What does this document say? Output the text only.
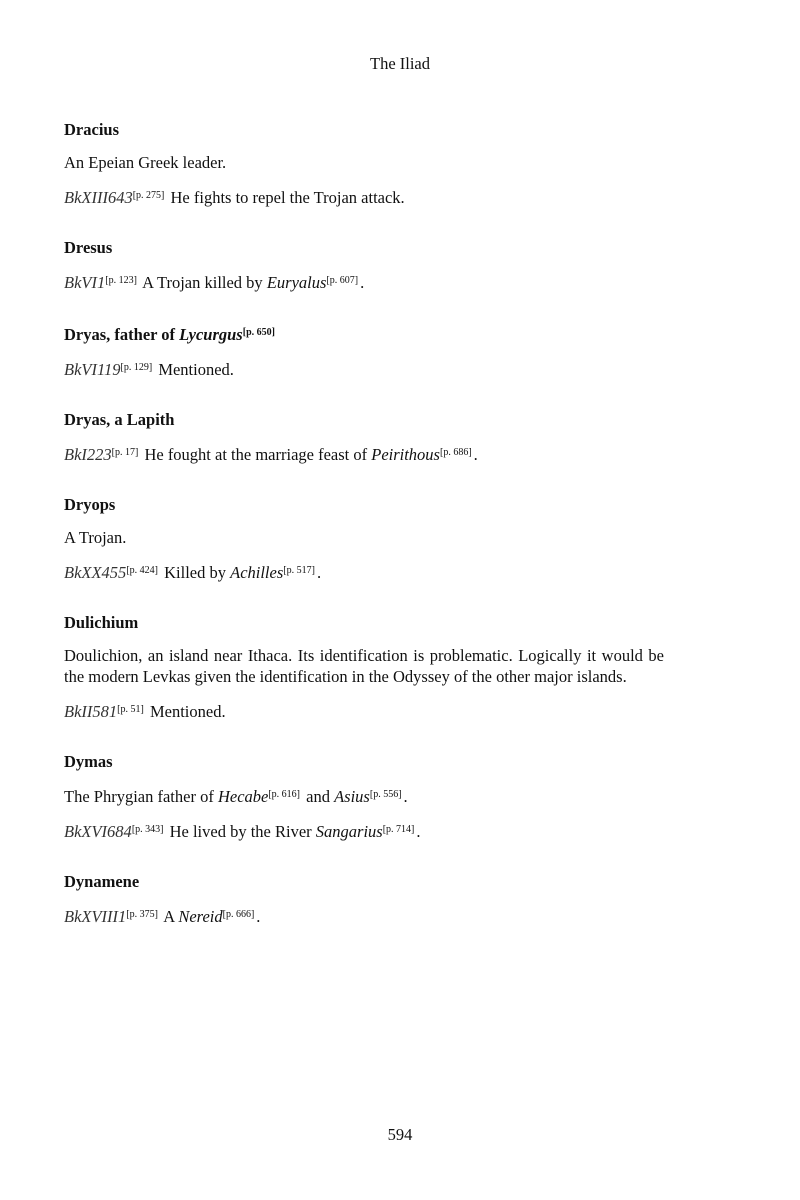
The Iliad
Dracius

An Epeian Greek leader.

BkXIII643[p. 275] He fights to repel the Trojan attack.

Dresus

BkVI1[p. 123] A Trojan killed by Euryalus[p. 607] .

Dryas, father of Lycurgus[p. 650]

BkVI119[p. 129] Mentioned.

Dryas, a Lapith

BkI223[p. 17] He fought at the marriage feast of Peirithous[p. 686] .

Dryops

A Trojan.

BkXX455[p. 424] Killed by Achilles[p. 517] .

Dulichium

Doulichion, an island near Ithaca. Its identification is problematic. Logically it would be the modern Levkas given the identification in the Odyssey of the other major islands.

BkII581[p. 51] Mentioned.

Dymas

The Phrygian father of Hecabe[p. 616] and Asius[p. 556] .

BkXVI684[p. 343] He lived by the River Sangarius[p. 714] .

Dynamene

BkXVIII1[p. 375] A Nereid[p. 666] .

594
